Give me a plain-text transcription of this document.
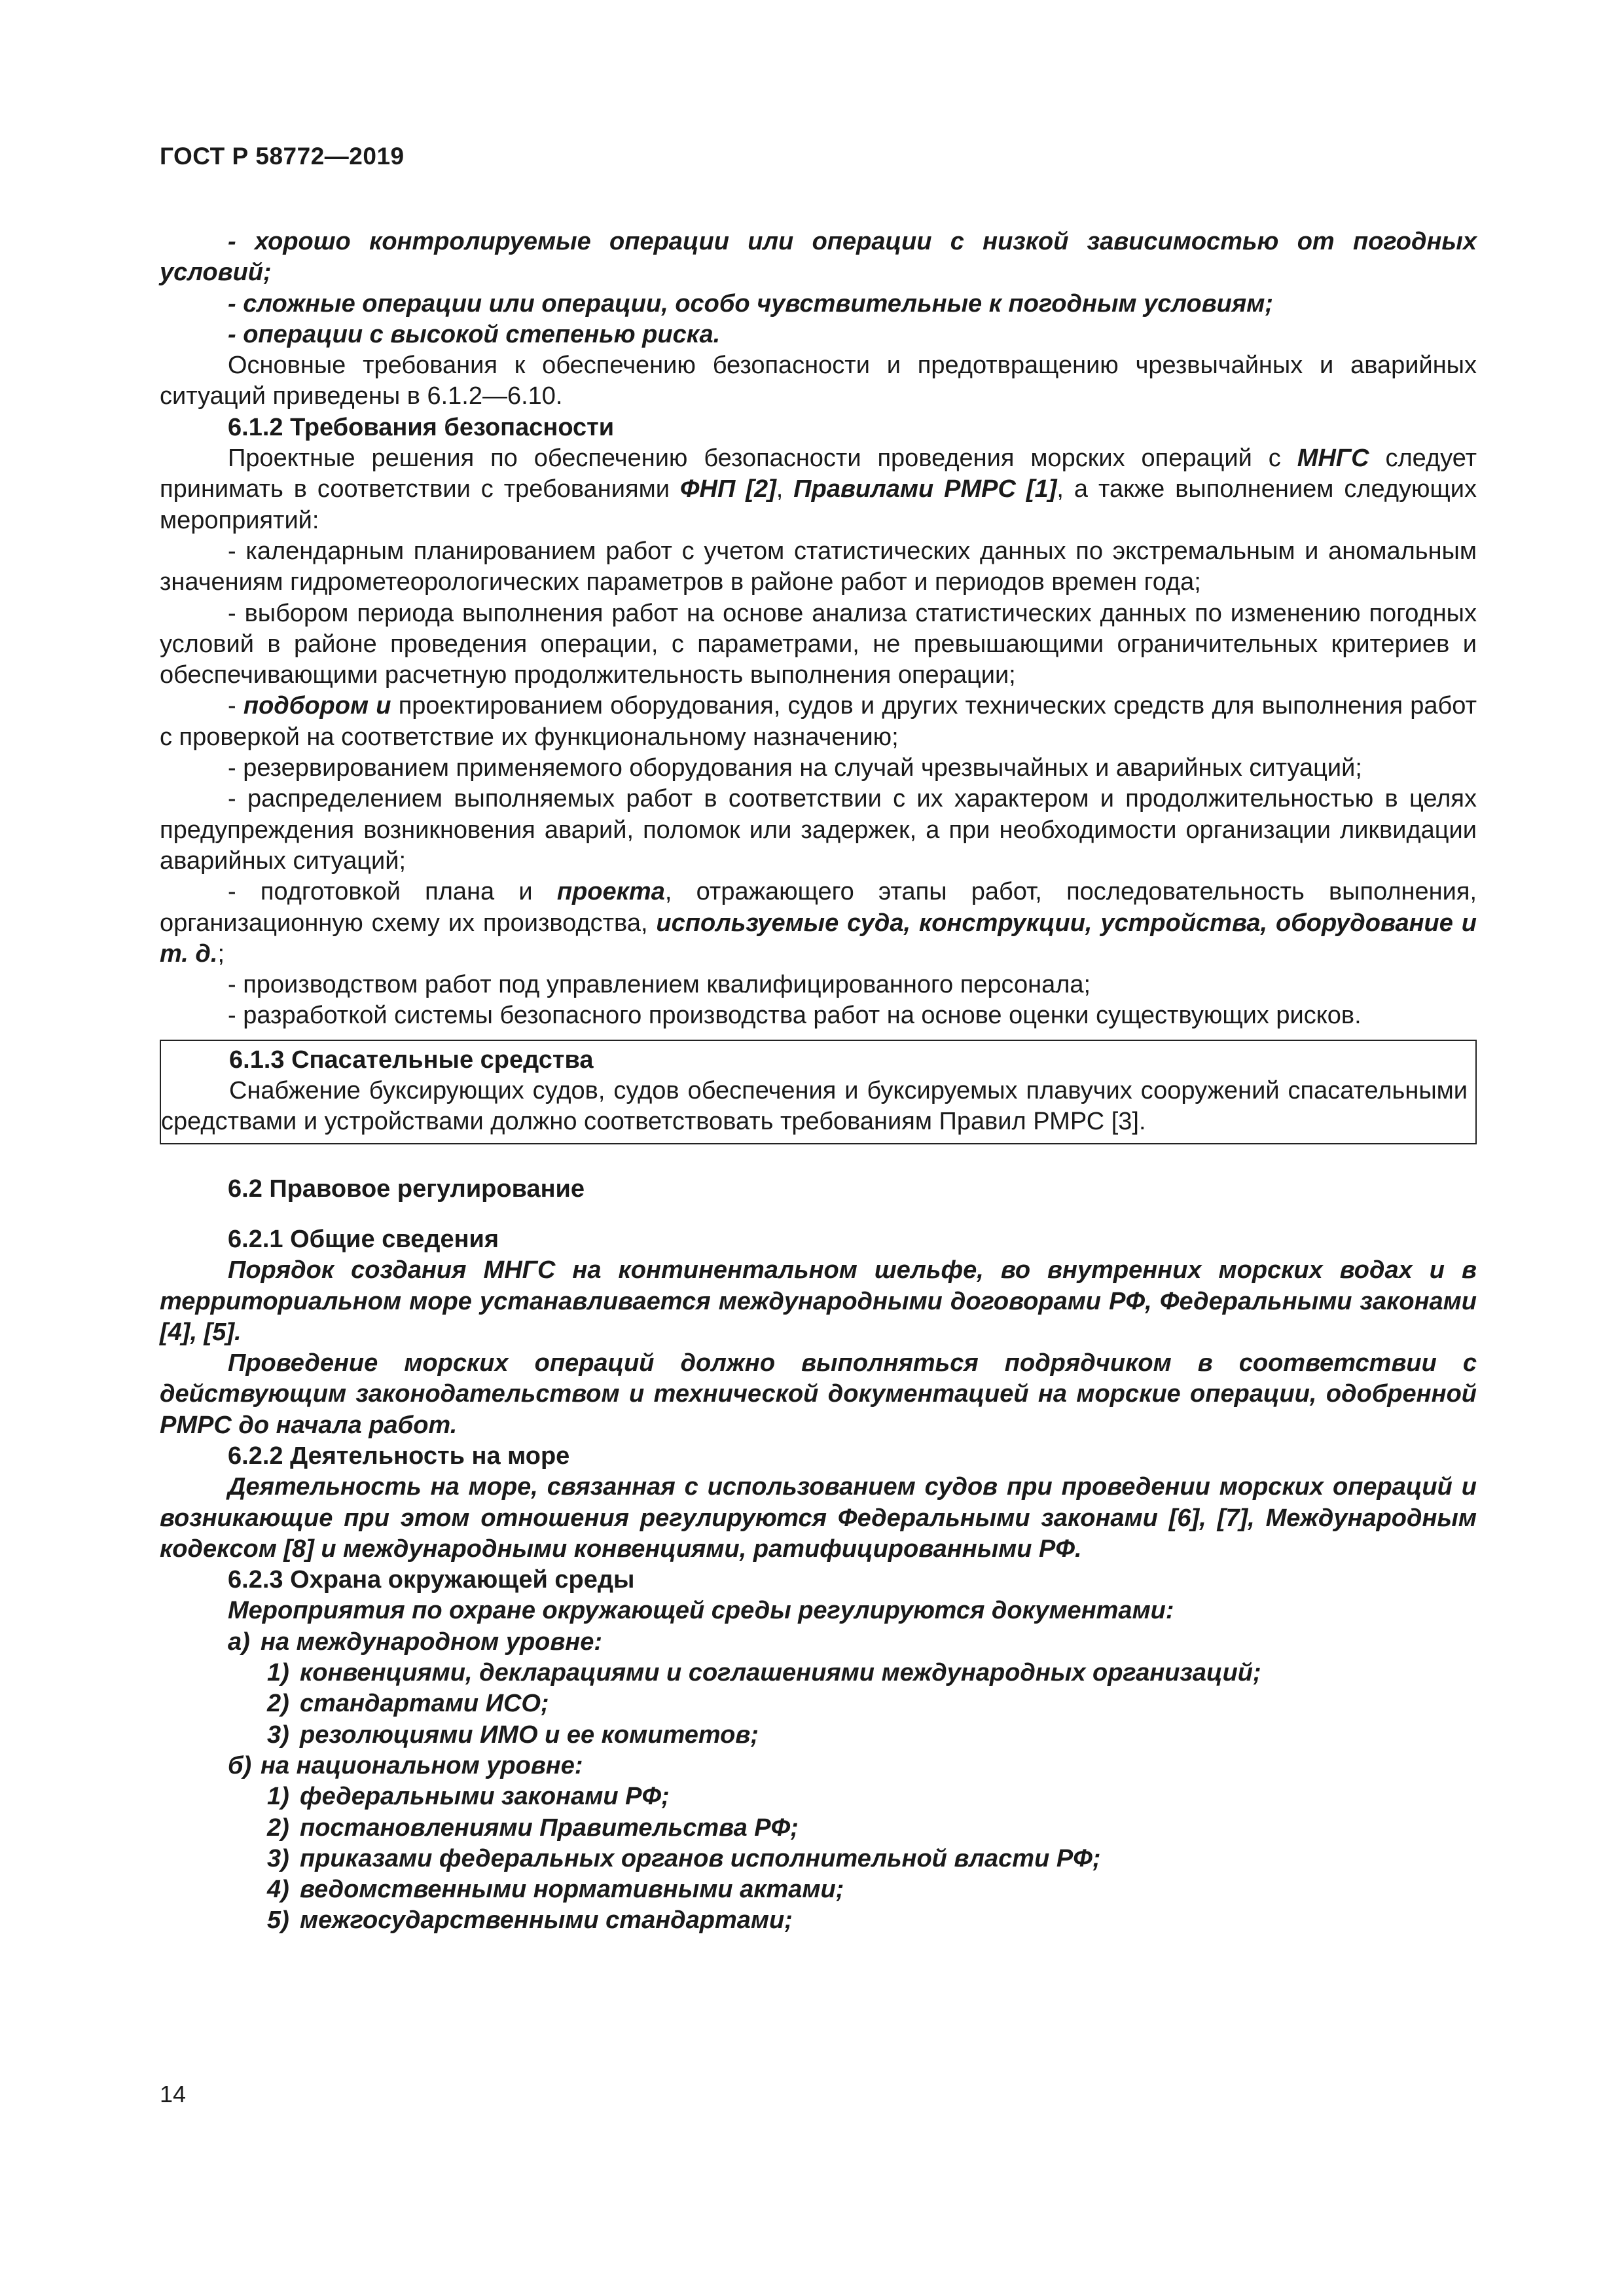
ГОСТ Р 58772—2019

- хорошо контролируемые операции или операции с низкой зависимостью от погодных условий;

- сложные операции или операции, особо чувствительные к погодным условиям;

- операции с высокой степенью риска.

Основные требования к обеспечению безопасности и предотвращению чрезвычайных и аварийных ситуаций приведены в 6.1.2—6.10.

6.1.2 Требования безопасности

Проектные решения по обеспечению безопасности проведения морских операций с МНГС следует принимать в соответствии с требованиями ФНП [2], Правилами РМРС [1], а также выполнением следующих мероприятий:

- календарным планированием работ с учетом статистических данных по экстремальным и аномальным значениям гидрометеорологических параметров в районе работ и периодов времен года;

- выбором периода выполнения работ на основе анализа статистических данных по изменению погодных условий в районе проведения операции, с параметрами, не превышающими ограничительных критериев и обеспечивающими расчетную продолжительность выполнения операции;

- подбором и проектированием оборудования, судов и других технических средств для выполнения работ с проверкой на соответствие их функциональному назначению;

- резервированием применяемого оборудования на случай чрезвычайных и аварийных ситуаций;

- распределением выполняемых работ в соответствии с их характером и продолжительностью в целях предупреждения возникновения аварий, поломок или задержек, а при необходимости организации ликвидации аварийных ситуаций;

- подготовкой плана и проекта, отражающего этапы работ, последовательность выполнения, организационную схему их производства, используемые суда, конструкции, устройства, оборудование и т. д.;

- производством работ под управлением квалифицированного персонала;

- разработкой системы безопасного производства работ на основе оценки существующих рисков.

6.1.3 Спасательные средства

Снабжение буксирующих судов, судов обеспечения и буксируемых плавучих сооружений спасательными средствами и устройствами должно соответствовать требованиям Правил РМРС [3].

6.2 Правовое регулирование

6.2.1 Общие сведения

Порядок создания МНГС на континентальном шельфе, во внутренних морских водах и в территориальном море устанавливается международными договорами РФ, Федеральными законами [4], [5].

Проведение морских операций должно выполняться подрядчиком в соответствии с действующим законодательством и технической документацией на морские операции, одобренной РМРС до начала работ.

6.2.2 Деятельность на море

Деятельность на море, связанная с использованием судов при проведении морских операций и возникающие при этом отношения регулируются Федеральными законами [6], [7], Международным кодексом [8] и международными конвенциями, ратифицированными РФ.

6.2.3 Охрана окружающей среды

Мероприятия по охране окружающей среды регулируются документами:

а) на международном уровне:

1) конвенциями, декларациями и соглашениями международных организаций;

2) стандартами ИСО;

3) резолюциями ИМО и ее комитетов;

б) на национальном уровне:

1) федеральными законами РФ;

2) постановлениями Правительства РФ;

3) приказами федеральных органов исполнительной власти РФ;

4) ведомственными нормативными актами;

5) межгосударственными стандартами;

14
